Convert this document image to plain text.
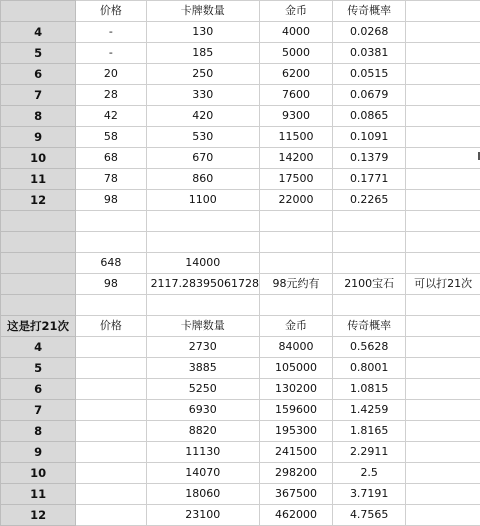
	价格	卡牌数量	金币	传奇概率	
4	-	130	4000	0.0268	
5	-	185	5000	0.0381	
6	20	250	6200	0.0515	
7	28	330	7600	0.0679	
8	42	420	9300	0.0865	
9	58	530	11500	0.1091	
10	68	670	14200	0.1379	
11	78	860	17500	0.1771	
12	98	1100	22000	0.2265	

	648	14000			
	98	2117.28395061728	98元约有	2100宝石	可以打21次

这是打21次	价格	卡牌数量	金币	传奇概率	
4		2730	84000	0.5628	
5		3885	105000	0.8001	
6		5250	130200	1.0815	
7		6930	159600	1.4259	
8		8820	195300	1.8165	
9		11130	241500	2.2911	
10		14070	298200	2.5	
11		18060	367500	3.7191	
12		23100	462000	4.7565	
